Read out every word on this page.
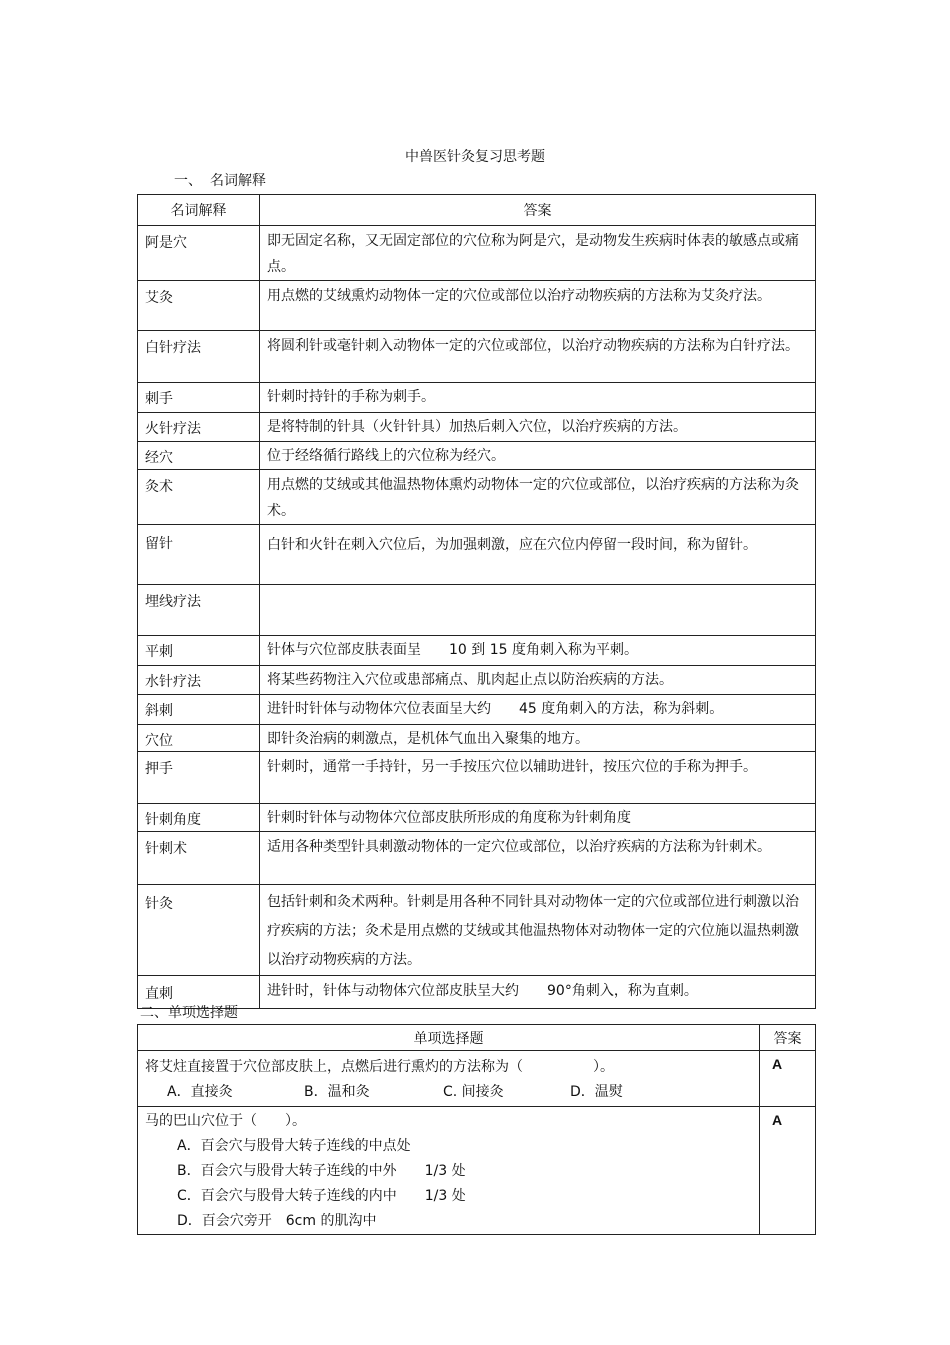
中兽医针灸复习思考题
一、 名词解释
名词解释	答案
阿是穴	即无固定名称，又无固定部位的穴位称为阿是穴，是动物发生疾病时体表的敏感点或痛点。
艾灸	用点燃的艾绒熏灼动物体一定的穴位或部位以治疗动物疾病的方法称为艾灸疗法。
白针疗法	将圆利针或毫针刺入动物体一定的穴位或部位，以治疗动物疾病的方法称为白针疗法。
刺手	针刺时持针的手称为刺手。
火针疗法	是将特制的针具（火针针具）加热后刺入穴位，以治疗疾病的方法。
经穴	位于经络循行路线上的穴位称为经穴。
灸术	用点燃的艾绒或其他温热物体熏灼动物体一定的穴位或部位，以治疗疾病的方法称为灸术。
留针	白针和火针在刺入穴位后，为加强刺激，应在穴位内停留一段时间，称为留针。
埋线疗法	
平刺	针体与穴位部皮肤表面呈　　10 到 15 度角刺入称为平刺。
水针疗法	将某些药物注入穴位或患部痛点、肌肉起止点以防治疾病的方法。
斜刺	进针时针体与动物体穴位表面呈大约　　45 度角刺入的方法，称为斜刺。
穴位	即针灸治病的刺激点，是机体气血出入聚集的地方。
押手	针刺时，通常一手持针，另一手按压穴位以辅助进针，按压穴位的手称为押手。
针刺角度	针刺时针体与动物体穴位部皮肤所形成的角度称为针刺角度
针刺术	适用各种类型针具刺激动物体的一定穴位或部位，以治疗疾病的方法称为针刺术。
针灸	包括针刺和灸术两种。针刺是用各种不同针具对动物体一定的穴位或部位进行刺激以治疗疾病的方法；灸术是用点燃的艾绒或其他温热物体对动物体一定的穴位施以温热刺激以治疗动物疾病的方法。
直刺	进针时，针体与动物体穴位部皮肤呈大约　　90°角刺入，称为直刺。
二、单项选择题
单项选择题	答案

将艾炷直接置于穴位部皮肤上，点燃后进行熏灼的方法称为（　　　　　）。
A．直接灸 B．温和灸 C. 间接灸 D．温熨	A

马的巴山穴位于（　　）。
A．百会穴与股骨大转子连线的中点处
B．百会穴与股骨大转子连线的中外　　1/3 处
C．百会穴与股骨大转子连线的内中　　1/3 处
D．百会穴旁开　6cm 的肌沟中	A
